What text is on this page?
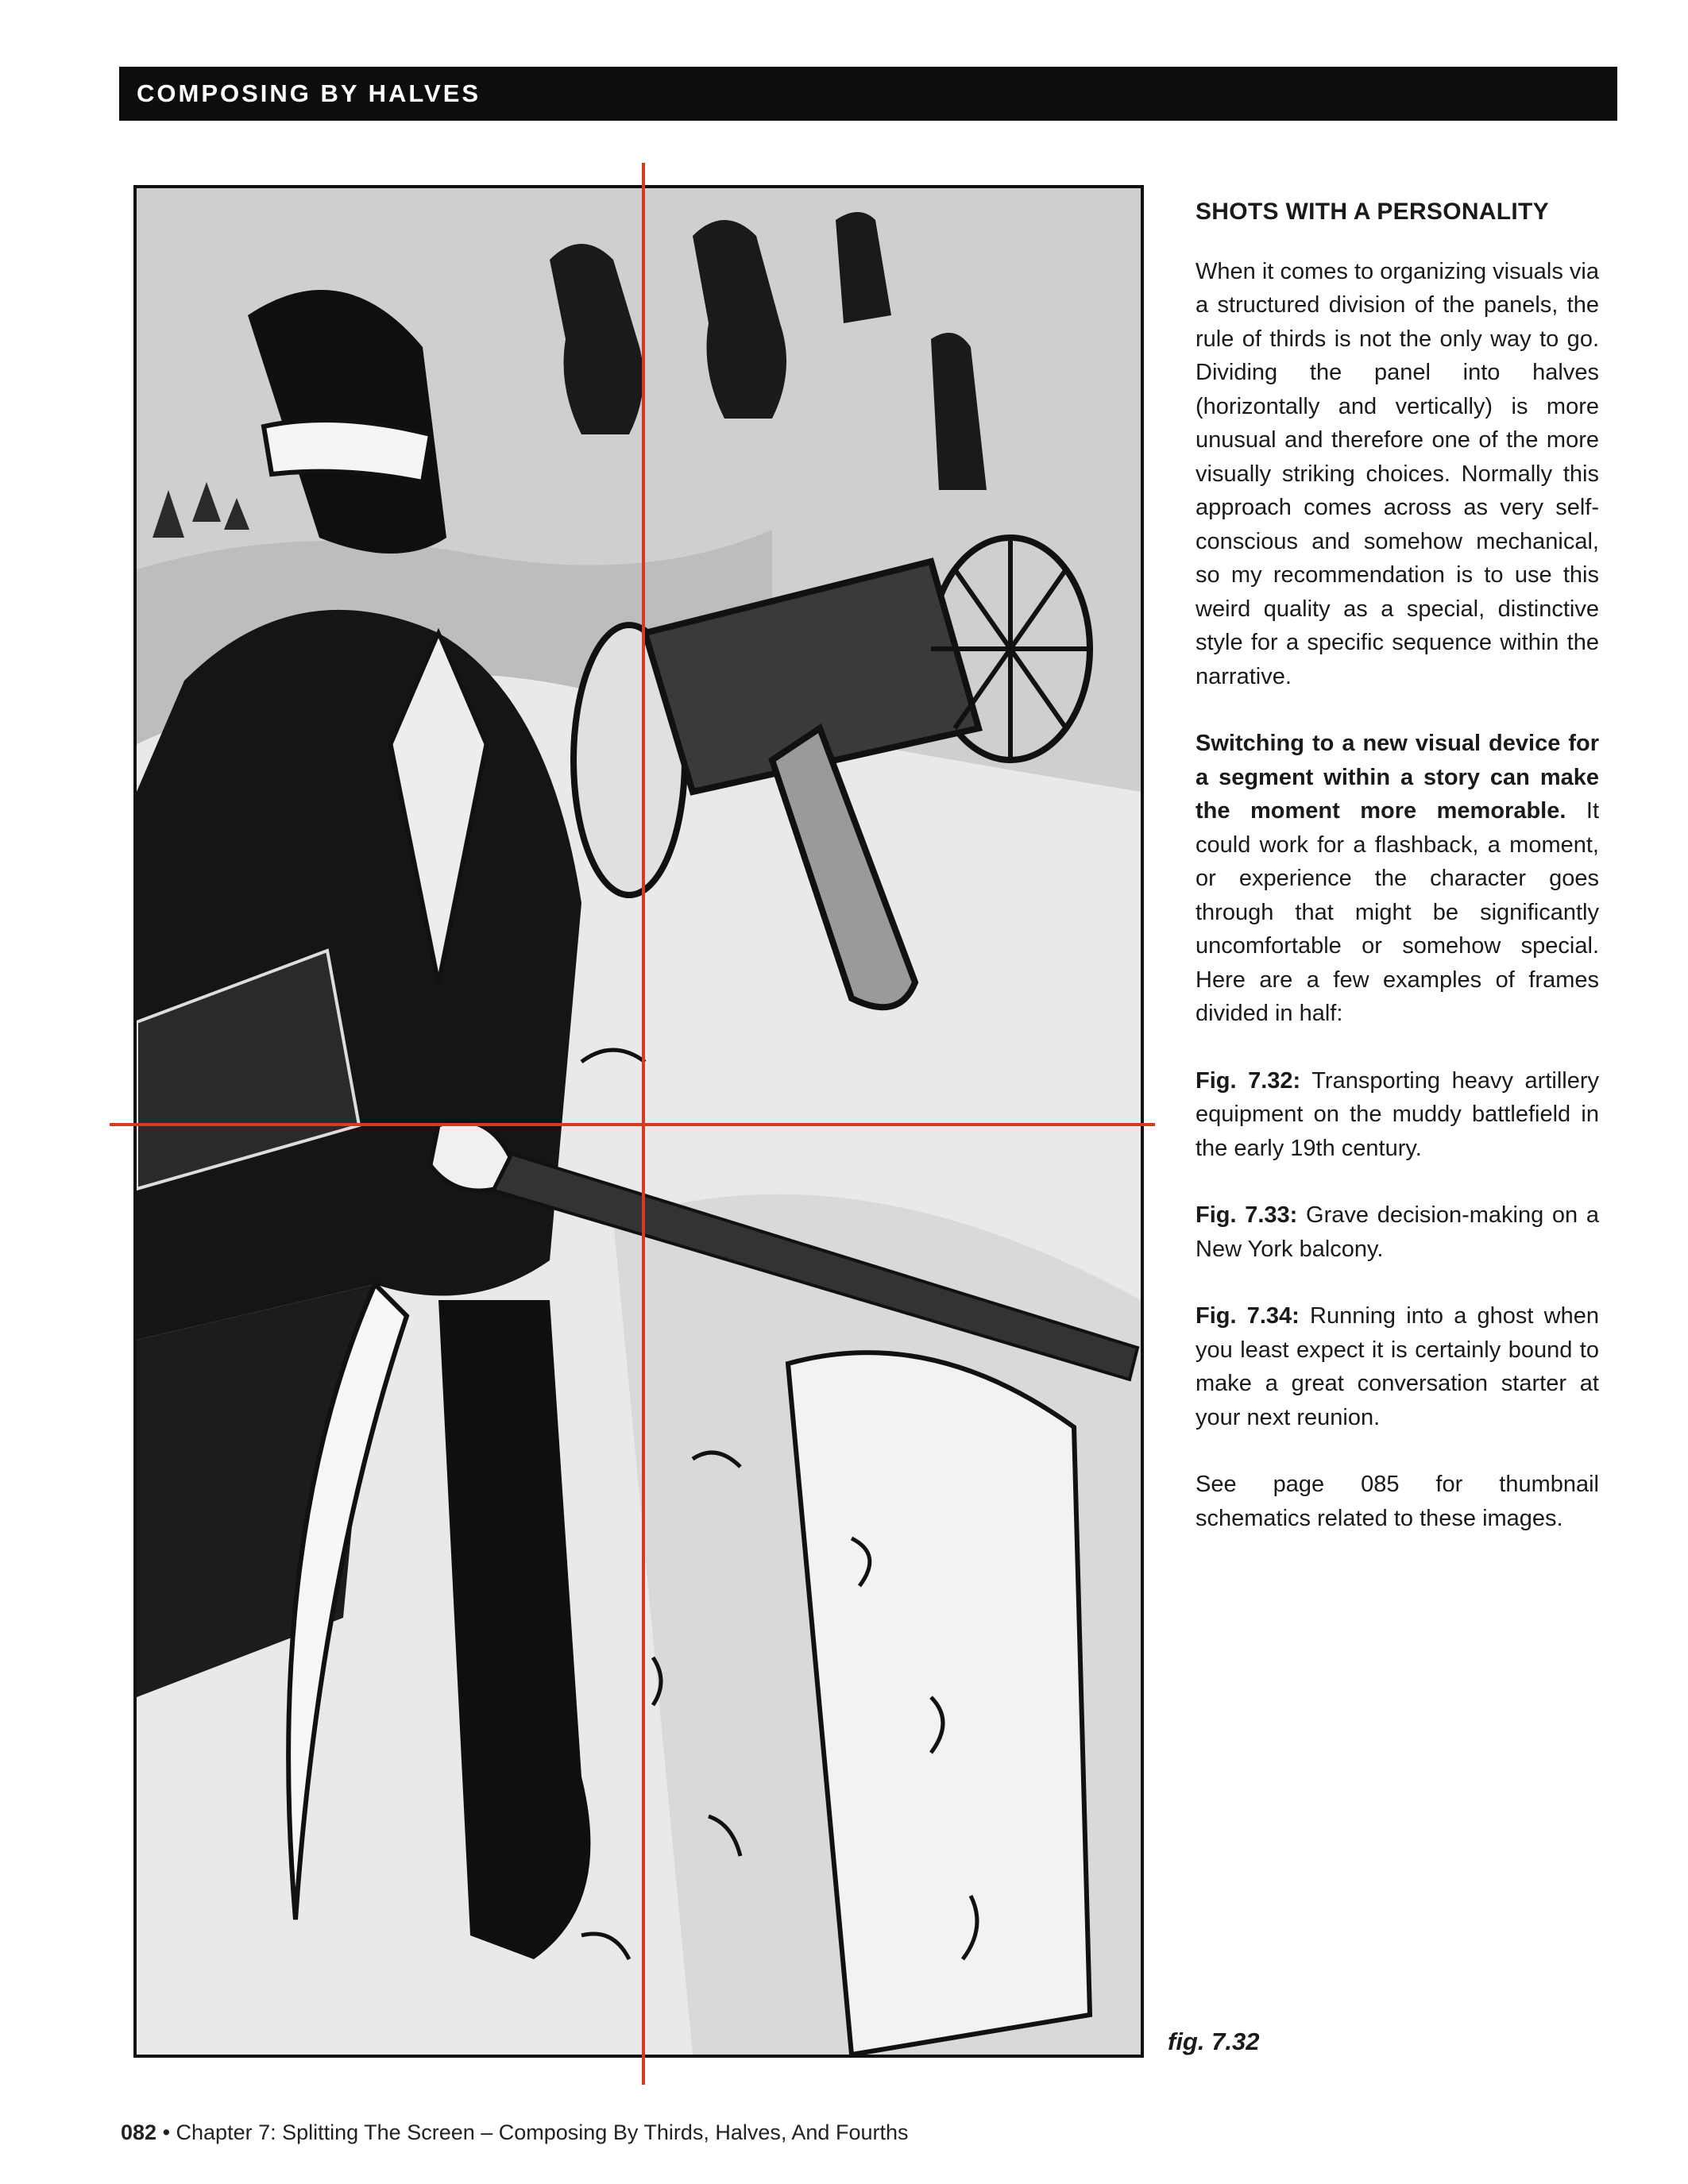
COMPOSING BY HALVES
SHOTS WITH A PERSONALITY

When it comes to organizing visuals via a structured division of the panels, the rule of thirds is not the only way to go. Dividing the panel into halves (horizontally and vertically) is more unusual and therefore one of the more visually striking choices. Normally this approach comes across as very self-conscious and somehow mechanical, so my recommendation is to use this weird quality as a special, distinctive style for a specific sequence within the narrative.

Switching to a new visual device for a segment within a story can make the moment more memorable. It could work for a flashback, a moment, or experience the character goes through that might be significantly uncomfortable or somehow special. Here are a few examples of frames divided in half:

Fig. 7.32: Transporting heavy artillery equipment on the muddy battlefield in the early 19th century.

Fig. 7.33: Grave decision-making on a New York balcony.

Fig. 7.34: Running into a ghost when you least expect it is certainly bound to make a great conversation starter at your next reunion.

See page 085 for thumbnail schematics related to these images.

fig. 7.32
082 • Chapter 7: Splitting The Screen – Composing By Thirds, Halves, And Fourths
